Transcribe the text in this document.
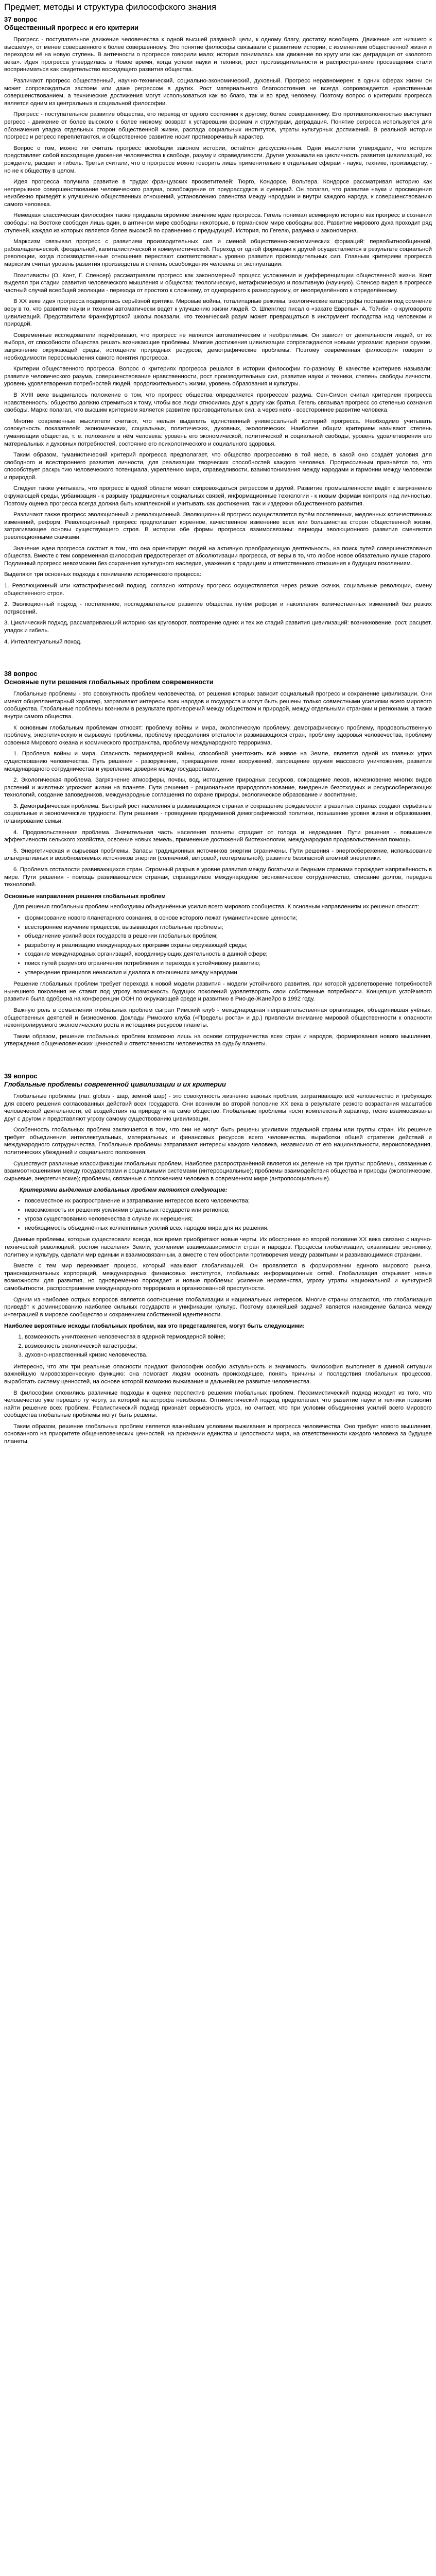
Предмет, методы и структура философского знания
37 вопрос
Общественный прогресс и его критерии

Прогресс - поступательное движение человечества к одной высшей разумной цели, к одному благу, достатку всеобщего. Движение «от низшего к высшему», от менее совершенного к более совершенному. Это понятие философы связывали с развитием истории, с изменением общественной жизни и переходом её на новую ступень. В античности о прогрессе говорили мало; история понималась как движение по кругу или как деградация от «золотого века». Идея прогресса утвердилась в Новое время, когда успехи науки и техники, рост производительности и распространение просвещения стали восприниматься как свидетельство восходящего развития общества.

Различают прогресс общественный, научно-технический, социально-экономический, духовный. Прогресс неравномерен: в одних сферах жизни он может сопровождаться застоем или даже регрессом в других. Рост материального благосостояния не всегда сопровождается нравственным совершенствованием, а технические достижения могут использоваться как во благо, так и во вред человеку. Поэтому вопрос о критериях прогресса является одним из центральных в социальной философии.

Прогресс - поступательное развитие общества, его переход от одного состояния к другому, более совершенному. Его противоположностью выступает регресс - движение от более высокого к более низкому, возврат к устаревшим формам и структурам, деградация. Понятие регресса используется для обозначения упадка отдельных сторон общественной жизни, распада социальных институтов, утраты культурных достижений. В реальной истории прогресс и регресс переплетаются, и общественное развитие носит противоречивый характер.

Вопрос о том, можно ли считать прогресс всеобщим законом истории, остаётся дискуссионным. Одни мыслители утверждали, что история представляет собой восходящее движение человечества к свободе, разуму и справедливости. Другие указывали на цикличность развития цивилизаций, их рождение, расцвет и гибель. Третьи считали, что о прогрессе можно говорить лишь применительно к отдельным сферам - науке, технике, производству, - но не к обществу в целом.

Идея прогресса получила развитие в трудах французских просветителей: Тюрго, Кондорсе, Вольтера. Кондорсе рассматривал историю как непрерывное совершенствование человеческого разума, освобождение от предрассудков и суеверий. Он полагал, что развитие науки и просвещения неизбежно приведёт к улучшению общественных отношений, установлению равенства между народами и внутри каждого народа, к совершенствованию самого человека.

Немецкая классическая философия также придавала огромное значение идее прогресса. Гегель понимал всемирную историю как прогресс в сознании свободы: на Востоке свободен лишь один, в античном мире свободны некоторые, в германском мире свободны все. Развитие мирового духа проходит ряд ступеней, каждая из которых является более высокой по сравнению с предыдущей. История, по Гегелю, разумна и закономерна.

Марксизм связывал прогресс с развитием производительных сил и сменой общественно-экономических формаций: первобытнообщинной, рабовладельческой, феодальной, капиталистической и коммунистической. Переход от одной формации к другой осуществляется в результате социальной революции, когда производственные отношения перестают соответствовать уровню развития производительных сил. Главным критерием прогресса марксизм считал уровень развития производства и степень освобождения человека от эксплуатации.

Позитивисты (О. Конт, Г. Спенсер) рассматривали прогресс как закономерный процесс усложнения и дифференциации общественной жизни. Конт выделял три стадии развития человеческого мышления и общества: теологическую, метафизическую и позитивную (научную). Спенсер видел в прогрессе частный случай всеобщей эволюции - перехода от простого к сложному, от однородного к разнородному, от неопределённого к определённому.

В XX веке идея прогресса подверглась серьёзной критике. Мировые войны, тоталитарные режимы, экологические катастрофы поставили под сомнение веру в то, что развитие науки и техники автоматически ведёт к улучшению жизни людей. О. Шпенглер писал о «закате Европы», А. Тойнби - о круговороте цивилизаций. Представители Франкфуртской школы показали, что технический разум может превращаться в инструмент господства над человеком и природой.

Современные исследователи подчёркивают, что прогресс не является автоматическим и необратимым. Он зависит от деятельности людей, от их выбора, от способности общества решать возникающие проблемы. Многие достижения цивилизации сопровождаются новыми угрозами: ядерное оружие, загрязнение окружающей среды, истощение природных ресурсов, демографические проблемы. Поэтому современная философия говорит о необходимости переосмысления самого понятия прогресса.

Критерии общественного прогресса. Вопрос о критериях прогресса решался в истории философии по-разному. В качестве критериев называли: развитие человеческого разума, совершенствование нравственности, рост производительных сил, развитие науки и техники, степень свободы личности, уровень удовлетворения потребностей людей, продолжительность жизни, уровень образования и культуры.

В XVIII веке выдвигалось положение о том, что прогресс общества определяется прогрессом разума. Сен-Симон считал критерием прогресса нравственность: общество должно стремиться к тому, чтобы все люди относились друг к другу как братья. Гегель связывал прогресс со степенью сознания свободы. Маркс полагал, что высшим критерием является развитие производительных сил, а через него - всестороннее развитие человека.

Многие современные мыслители считают, что нельзя выделить единственный универсальный критерий прогресса. Необходимо учитывать совокупность показателей: экономических, социальных, политических, духовных, экологических. Наиболее общим критерием называют степень гуманизации общества, т. е. положение в нём человека: уровень его экономической, политической и социальной свободы, уровень удовлетворения его материальных и духовных потребностей, состояние его психологического и социального здоровья.

Таким образом, гуманистический критерий прогресса предполагает, что общество прогрессивно в той мере, в какой оно создаёт условия для свободного и всестороннего развития личности, для реализации творческих способностей каждого человека. Прогрессивным признаётся то, что способствует раскрытию человеческого потенциала, укреплению мира, справедливости, взаимопонимания между народами и гармонии между человеком и природой.

Следует также учитывать, что прогресс в одной области может сопровождаться регрессом в другой. Развитие промышленности ведёт к загрязнению окружающей среды, урбанизация - к разрыву традиционных социальных связей, информационные технологии - к новым формам контроля над личностью. Поэтому оценка прогресса всегда должна быть комплексной и учитывать как достижения, так и издержки общественного развития.

Различают также прогресс эволюционный и революционный. Эволюционный прогресс осуществляется путём постепенных, медленных количественных изменений, реформ. Революционный прогресс предполагает коренное, качественное изменение всех или большинства сторон общественной жизни, затрагивающее основы существующего строя. В истории обе формы прогресса взаимосвязаны: периоды эволюционного развития сменяются революционными скачками.

Значение идеи прогресса состоит в том, что она ориентирует людей на активную преобразующую деятельность, на поиск путей совершенствования общества. Вместе с тем современная философия предостерегает от абсолютизации прогресса, от веры в то, что любое новое обязательно лучше старого. Подлинный прогресс невозможен без сохранения культурного наследия, уважения к традициям и ответственного отношения к будущим поколениям.

Выделяют три основных подхода к пониманию исторического процесса:

1. Революционный или катастрофический подход, согласно которому прогресс осуществляется через резкие скачки, социальные революции, смену общественного строя.

2. Эволюционный подход - постепенное, последовательное развитие общества путём реформ и накопления количественных изменений без резких потрясений.

3. Циклический подход, рассматривающий историю как круговорот, повторение одних и тех же стадий развития цивилизаций: возникновение, рост, расцвет, упадок и гибель.

4. Интеллектуальный поход.

38 вопрос
Основные пути решения глобальных проблем современности

Глобальные проблемы - это совокупность проблем человечества, от решения которых зависит социальный прогресс и сохранение цивилизации. Они имеют общепланетарный характер, затрагивают интересы всех народов и государств и могут быть решены только совместными усилиями всего мирового сообщества. Глобальные проблемы возникли в результате противоречий между обществом и природой, между отдельными странами и регионами, а также внутри самого общества.

К основным глобальным проблемам относят: проблему войны и мира, экологическую проблему, демографическую проблему, продовольственную проблему, энергетическую и сырьевую проблемы, проблему преодоления отсталости развивающихся стран, проблему здоровья человечества, проблему освоения Мирового океана и космического пространства, проблему международного терроризма.

1. Проблема войны и мира. Опасность термоядерной войны, способной уничтожить всё живое на Земле, является одной из главных угроз существованию человечества. Путь решения - разоружение, прекращение гонки вооружений, запрещение оружия массового уничтожения, развитие международного сотрудничества и укрепление доверия между государствами.

2. Экологическая проблема. Загрязнение атмосферы, почвы, вод, истощение природных ресурсов, сокращение лесов, исчезновение многих видов растений и животных угрожают жизни на планете. Пути решения - рациональное природопользование, внедрение безотходных и ресурсосберегающих технологий, создание заповедников, международные соглашения по охране природы, экологическое образование и воспитание.

3. Демографическая проблема. Быстрый рост населения в развивающихся странах и сокращение рождаемости в развитых странах создают серьёзные социальные и экономические трудности. Пути решения - проведение продуманной демографической политики, повышение уровня жизни и образования, планирование семьи.

4. Продовольственная проблема. Значительная часть населения планеты страдает от голода и недоедания. Пути решения - повышение эффективности сельского хозяйства, освоение новых земель, применение достижений биотехнологии, международная продовольственная помощь.

5. Энергетическая и сырьевая проблемы. Запасы традиционных источников энергии ограничены. Пути решения - энергосбережение, использование альтернативных и возобновляемых источников энергии (солнечной, ветровой, геотермальной), развитие безопасной атомной энергетики.

6. Проблема отсталости развивающихся стран. Огромный разрыв в уровне развития между богатыми и бедными странами порождает напряжённость в мире. Пути решения - помощь развивающимся странам, справедливое международное экономическое сотрудничество, списание долгов, передача технологий.

Основные направления решения глобальных проблем

Для решения глобальных проблем необходимы объединённые усилия всего мирового сообщества. К основным направлениям их решения относят:

• формирование нового планетарного сознания, в основе которого лежат гуманистические ценности;
• всестороннее изучение процессов, вызывающих глобальные проблемы;
• объединение усилий всех государств в решении глобальных проблем;
• разработку и реализацию международных программ охраны окружающей среды;
• создание международных организаций, координирующих деятельность в данной сфере;
• поиск путей разумного ограничения потребления и перехода к устойчивому развитию;
• утверждение принципов ненасилия и диалога в отношениях между народами.

Решение глобальных проблем требует перехода к новой модели развития - модели устойчивого развития, при которой удовлетворение потребностей нынешнего поколения не ставит под угрозу возможность будущих поколений удовлетворять свои собственные потребности. Концепция устойчивого развития была одобрена на конференции ООН по окружающей среде и развитию в Рио-де-Жанейро в 1992 году.

Важную роль в осмыслении глобальных проблем сыграл Римский клуб - международная неправительственная организация, объединившая учёных, общественных деятелей и бизнесменов. Доклады Римского клуба («Пределы роста» и др.) привлекли внимание мировой общественности к опасности неконтролируемого экономического роста и истощения ресурсов планеты.

Таким образом, решение глобальных проблем возможно лишь на основе сотрудничества всех стран и народов, формирования нового мышления, утверждения общечеловеческих ценностей и ответственности человечества за судьбу планеты.

39 вопрос
Глобальные проблемы современной цивилизации и их критерии

Глобальные проблемы (лат. globus - шар, земной шар) - это совокупность жизненно важных проблем, затрагивающих всё человечество и требующих для своего решения согласованных действий всех государств. Они возникли во второй половине XX века в результате резкого возрастания масштабов человеческой деятельности, её воздействия на природу и на само общество. Глобальные проблемы носят комплексный характер, тесно взаимосвязаны друг с другом и представляют угрозу самому существованию цивилизации.

Особенность глобальных проблем заключается в том, что они не могут быть решены усилиями отдельной страны или группы стран. Их решение требует объединения интеллектуальных, материальных и финансовых ресурсов всего человечества, выработки общей стратегии действий и международного сотрудничества. Глобальные проблемы затрагивают интересы каждого человека, независимо от его национальности, вероисповедания, политических убеждений и социального положения.

Существуют различные классификации глобальных проблем. Наиболее распространённой является их деление на три группы: проблемы, связанные с взаимоотношениями между государствами и социальными системами (интерсоциальные); проблемы взаимодействия общества и природы (экологические, сырьевые, энергетические); проблемы, связанные с положением человека в современном мире (антропосоциальные).

Критериями выделения глобальных проблем являются следующие:
• повсеместное их распространение и затрагивание интересов всего человечества;
• невозможность их решения усилиями отдельных государств или регионов;
• угроза существованию человечества в случае их нерешения;
• необходимость объединённых коллективных усилий всех народов мира для их решения.

Данные проблемы, которые существовали всегда, все время приобретают новые черты. Их обострение во второй половине XX века связано с научно-технической революцией, ростом населения Земли, усилением взаимозависимости стран и народов. Процессы глобализации, охватившие экономику, политику и культуру, сделали мир единым и взаимосвязанным, а вместе с тем обострили противоречия между развитыми и развивающимися странами.

Вместе с тем мир переживает процесс, который называют глобализацией. Он проявляется в формировании единого мирового рынка, транснациональных корпораций, международных финансовых институтов, глобальных информационных сетей. Глобализация открывает новые возможности для развития, но одновременно порождает и новые проблемы: усиление неравенства, угрозу утраты национальной и культурной самобытности, распространение международного терроризма и организованной преступности.

Одним из наиболее острых вопросов является соотношение глобализации и национальных интересов. Многие страны опасаются, что глобализация приведёт к доминированию наиболее сильных государств и унификации культур. Поэтому важнейшей задачей является нахождение баланса между интеграцией в мировое сообщество и сохранением собственной идентичности.

Наиболее вероятные исходы глобальных проблем, как это представляется, могут быть следующими:
1. возможность уничтожения человечества в ядерной термоядерной войне;
2. возможность экологической катастрофы;
3. духовно-нравственный кризис человечества.

Интересно, что эти три реальные опасности придают философии особую актуальность и значимость. Философия выполняет в данной ситуации важнейшую мировоззренческую функцию: она помогает людям осознать происходящее, понять причины и последствия глобальных процессов, выработать систему ценностей, на основе которой возможно выживание и дальнейшее развитие человечества.

В философии сложились различные подходы к оценке перспектив решения глобальных проблем. Пессимистический подход исходит из того, что человечество уже перешло ту черту, за которой катастрофа неизбежна. Оптимистический подход предполагает, что развитие науки и техники позволит найти решение всех проблем. Реалистический подход признаёт серьёзность угроз, но считает, что при условии объединения усилий всего мирового сообщества глобальные проблемы могут быть решены.

Таким образом, решение глобальных проблем является важнейшим условием выживания и прогресса человечества. Оно требует нового мышления, основанного на приоритете общечеловеческих ценностей, на признании единства и целостности мира, на ответственности каждого человека за будущее планеты.
